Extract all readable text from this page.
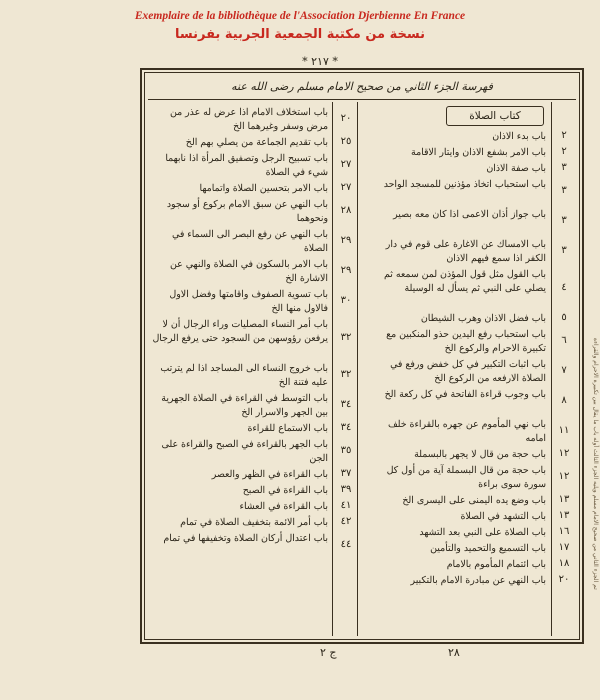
Exemplaire de la bibliothèque de l'Association Djerbienne En France
نسخة من مكتبة الجمعية الجربية بفرنسا
* ٢١٧ *
فهرسة الجزء الثاني من صحيح الامام مسلم رضى الله عنه
كتاب الصلاة
٢
باب بدء الاذان
٢
باب الامر بشفع الاذان وايتار الاقامة
٣
باب صفة الاذان
٣
باب استحباب اتخاذ مؤذنين للمسجد الواحد
٣
باب جواز أذان الاعمى اذا كان معه بصير
٣
باب الامساك عن الاغارة على قوم في دار الكفر اذا سمع فيهم الاذان
٤
باب القول مثل قول المؤذن لمن سمعه ثم يصلي على النبي ثم يسأل له الوسيلة
٥
باب فضل الاذان وهرب الشيطان
٦
باب استحباب رفع اليدين حذو المنكبين مع تكبيرة الاحرام والركوع الخ
٧
باب اثبات التكبير في كل خفض ورفع في الصلاة الارفعه من الركوع الخ
٨
باب وجوب قراءة الفاتحة في كل ركعة الخ
١١
باب نهي المأموم عن جهره بالقراءة خلف امامه
١٢
باب حجة من قال لا يجهر بالبسملة
١٢
باب حجة من قال البسملة آية من أول كل سورة سوى براءة
١٣
باب وضع يده اليمنى على اليسرى الخ
١٣
باب التشهد في الصلاة
١٦
باب الصلاة على النبي بعد التشهد
١٧
باب التسميع والتحميد والتأمين
١٨
باب ائتمام المأموم بالامام
٢٠
باب النهي عن مبادرة الامام بالتكبير
٢٠
باب استخلاف الامام اذا عرض له عذر من مرض وسفر وغيرهما الخ
٢٥
باب تقديم الجماعة من يصلي بهم الخ
٢٧
باب تسبيح الرجل وتصفيق المرأة اذا نابهما شيء في الصلاة
٢٧
باب الامر بتحسين الصلاة واتمامها
٢٨
باب النهي عن سبق الامام بركوع أو سجود ونحوهما
٢٩
باب النهي عن رفع البصر الى السماء في الصلاة
٢٩
باب الامر بالسكون في الصلاة والنهي عن الاشارة الخ
٣٠
باب تسوية الصفوف واقامتها وفضل الاول فالاول منها الخ
٣٢
باب أمر النساء المصليات وراء الرجال أن لا يرفعن رؤوسهن من السجود حتى يرفع الرجال
٣٢
باب خروج النساء الى المساجد اذا لم يترتب عليه فتنة الخ
٣٤
باب التوسط في القراءة في الصلاة الجهرية بين الجهر والاسرار الخ
٣٤
باب الاستماع للقراءة
٣٥
باب الجهر بالقراءة في الصبح والقراءة على الجن
٣٧
باب القراءة في الظهر والعصر
٣٩
باب القراءة في الصبح
٤١
باب القراءة في العشاء
٤٢
باب أمر الائمة بتخفيف الصلاة في تمام
٤٤
باب اعتدال أركان الصلاة وتخفيفها في تمام	تم الجزء الثاني من صحيح الامام مسلم ويليه الجزء الثالث أوله باب ما يقال بين تكبيرة الاحرام والقراءة
ج ٢	٢٨
